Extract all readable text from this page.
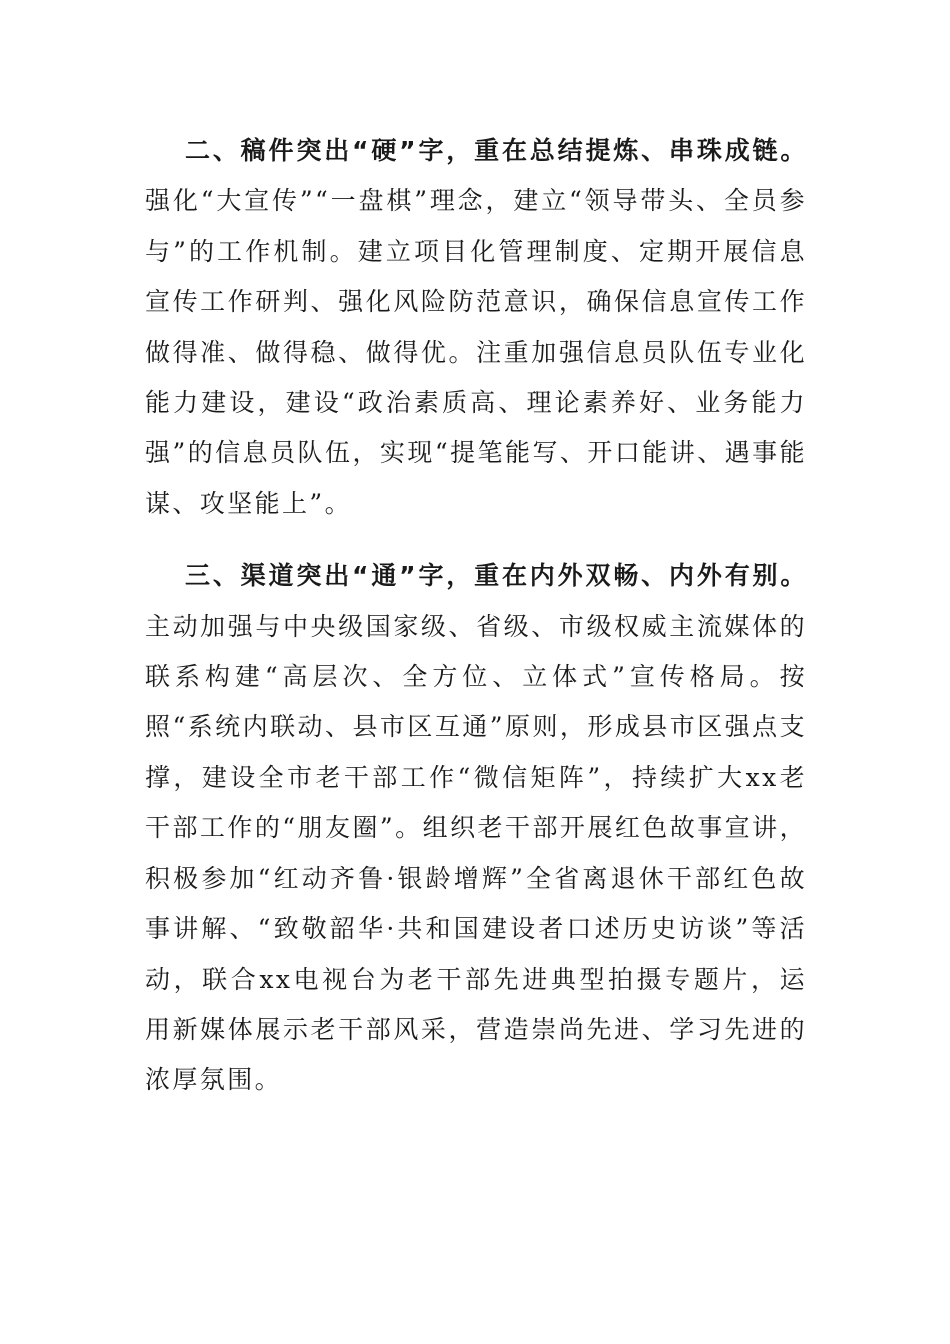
二、稿件突出“硬”字，重在总结提炼、串珠成链。强化“大宣传”“一盘棋”理念，建立“领导带头、全员参与”的工作机制。建立项目化管理制度、定期开展信息宣传工作研判、强化风险防范意识，确保信息宣传工作做得准、做得稳、做得优。注重加强信息员队伍专业化能力建设，建设“政治素质高、理论素养好、业务能力强”的信息员队伍，实现“提笔能写、开口能讲、遇事能谋、攻坚能上”。

三、渠道突出“通”字，重在内外双畅、内外有别。主动加强与中央级国家级、省级、市级权威主流媒体的联系构建“高层次、全方位、立体式”宣传格局。按照“系统内联动、县市区互通”原则，形成县市区强点支撑，建设全市老干部工作“微信矩阵”，持续扩大xx老干部工作的“朋友圈”。组织老干部开展红色故事宣讲，积极参加“红动齐鲁·银龄增辉”全省离退休干部红色故事讲解、“致敬韶华·共和国建设者口述历史访谈”等活动，联合xx电视台为老干部先进典型拍摄专题片，运用新媒体展示老干部风采，营造崇尚先进、学习先进的浓厚氛围。
